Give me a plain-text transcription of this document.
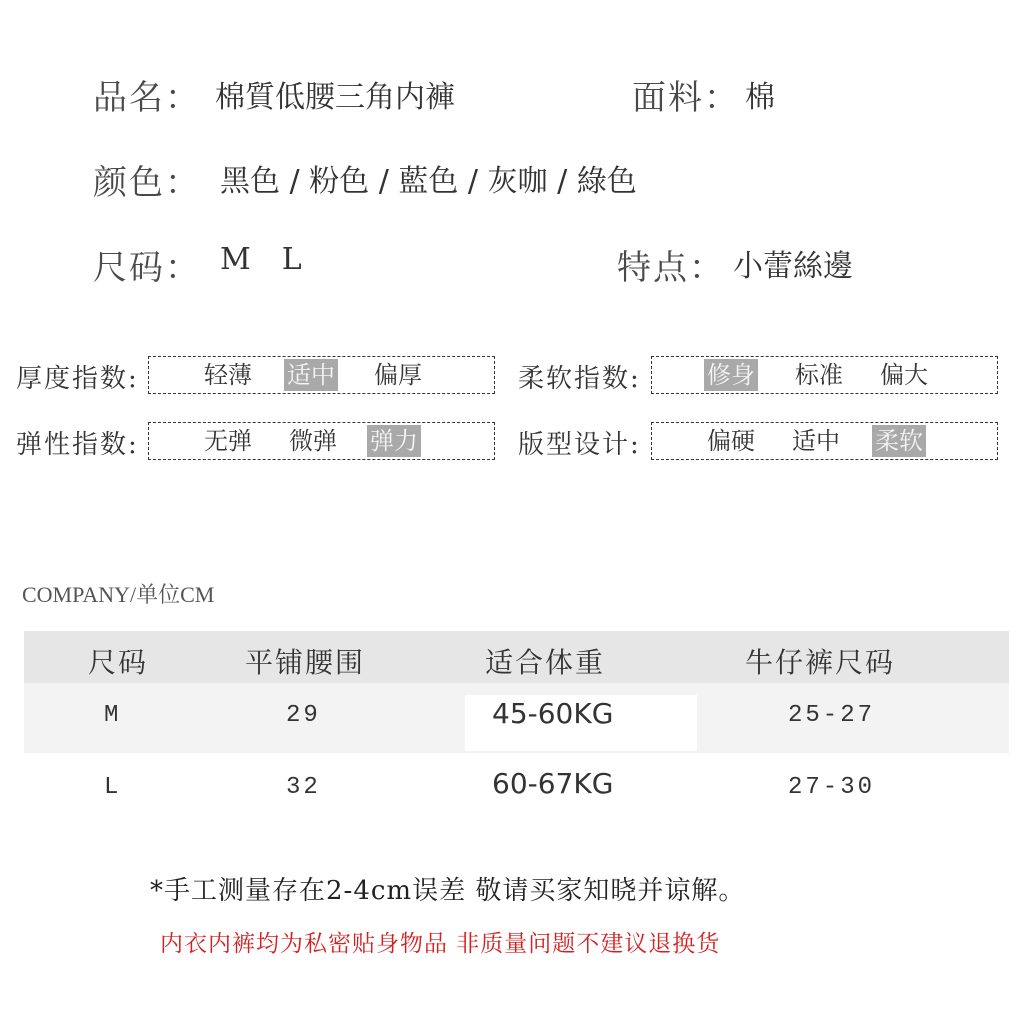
品名： 棉質低腰三角内褲	面料： 棉
颜色： 黑色 / 粉色 / 藍色 / 灰咖 / 綠色
尺码： M  L	特点： 小蕾絲邊
厚度指数:	轻薄 适中 偏厚	柔软指数:	修身 标准 偏大
弹性指数:	无弹 微弹 弹力	版型设计:	偏硬 适中 柔软
COMPANY/单位CM
尺码	平铺腰围	适合体重	牛仔裤尺码
M	29	45-60KG	25-27
L	32	60-67KG	27-30
*手工测量存在2-4cm误差 敬请买家知晓并谅解。
内衣内裤均为私密贴身物品 非质量问题不建议退换货
